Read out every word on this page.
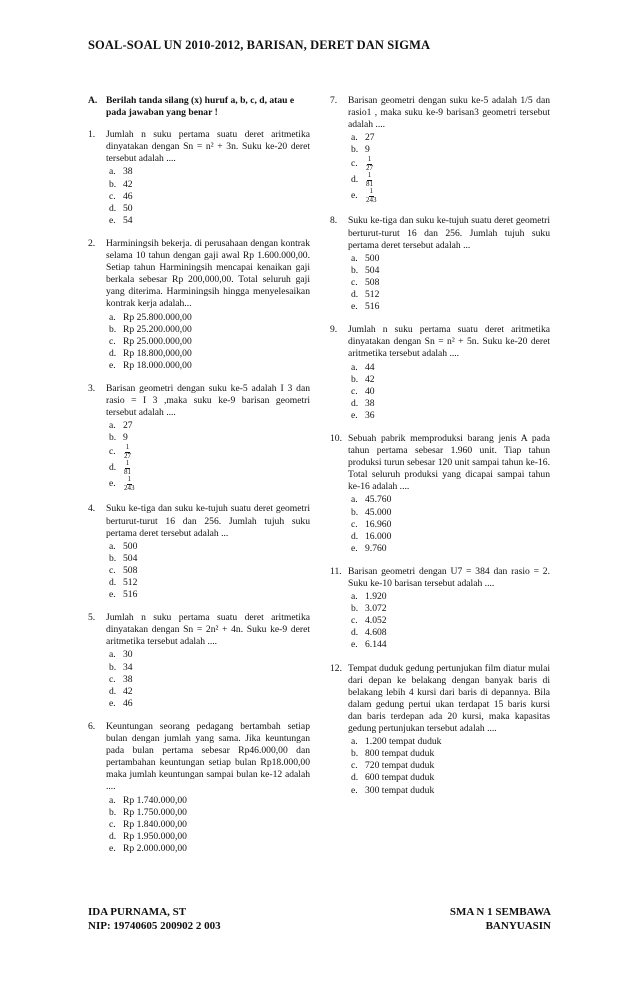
SOAL-SOAL UN 2010-2012, BARISAN, DERET DAN SIGMA
A. Berilah tanda silang (x) huruf a, b, c, d, atau e pada jawaban yang benar !
1.	Jumlah n suku pertama suatu deret aritmetika dinyatakan dengan Sn = n² + 3n. Suku ke-20 deret tersebut adalah ....
a. 38
b. 42
c. 46
d. 50
e. 54
2.	Harminingsih bekerja. di perusahaan dengan kontrak selama 10 tahun dengan gaji awal Rp 1.600.000,00. Setiap tahun Harminingsih mencapai kenaikan gaji berkala sebesar Rp 200,000,00. Total seluruh gaji yang diterima. Harminingsih hingga menyelesaikan kontrak kerja adalah...
a. Rp 25.800.000,00
b. Rp 25.200.000,00
c. Rp 25.000.000,00
d. Rp 18.800,000,00
e. Rp 18.000.000,00
3.	Barisan geometri dengan suku ke-5 adalah I 3 dan rasio = I 3 ,maka suku ke-9 barisan geometri tersebut adalah ....
a. 27
b. 9
c.	$\frac{1}{27}$
d. $\frac{1}{81}$
e.	$\frac{1}{243}$
4.	Suku ke-tiga dan suku ke-tujuh suatu deret geometri berturut-turut 16 dan 256. Jumlah tujuh suku pertama deret tersebut adalah ...
a. 500
b. 504
c. 508
d. 512
e. 516
5.	Jumlah n suku pertama suatu deret aritmetika dinyatakan dengan Sn = 2n² + 4n. Suku ke-9 deret aritmetika tersebut adalah ....
a. 30
b. 34
c. 38
d. 42
e. 46
6.	Keuntungan seorang pedagang bertambah setiap bulan dengan jumlah yang sama. Jika keuntungan pada bulan pertama sebesar Rp46.000,00 dan pertambahan keuntungan setiap bulan Rp18.000,00 maka jumlah keuntungan sampai bulan ke-12 adalah ....
a. Rp 1.740.000,00
b. Rp 1.750.000,00
c. Rp 1.840.000,00
d. Rp 1.950.000,00
e. Rp 2.000.000,00
7.	Barisan geometri dengan suku ke-5 adalah 1/5 dan rasio1 , maka suku ke-9 barisan3 geometri tersebut adalah ....
a. 27
b. 9
c.	$\frac{1}{27}$
d. $\frac{1}{81}$
e.	$\frac{1}{243}$
8.	Suku ke-tiga dan suku ke-tujuh suatu deret geometri berturut-turut 16 dan 256. Jumlah tujuh suku pertama deret tersebut adalah ...
a. 500
b. 504
c. 508
d. 512
e. 516
9.	Jumlah n suku pertama suatu deret aritmetika dinyatakan dengan Sn = n² + 5n. Suku ke-20 deret aritmetika tersebut adalah ....
a. 44
b. 42
c. 40
d. 38
e. 36
10. Sebuah pabrik memproduksi barang jenis A pada tahun pertama sebesar 1.960 unit. Tiap tahun produksi turun sebesar 120 unit sampai tahun ke-16. Total seluruh produksi yang dicapai sampai tahun ke-16 adalah ....
a. 45.760
b. 45.000
c. 16.960
d. 16.000
e. 9.760
11. Barisan geometri dengan U7 = 384 dan rasio = 2. Suku ke-10 barisan tersebut adalah ....
a. 1.920
b. 3.072
c. 4.052
d. 4.608
e. 6.144
12. Tempat duduk gedung pertunjukan film diatur mulai dari depan ke belakang dengan banyak baris di belakang lebih 4 kursi dari baris di depannya. Bila dalam gedung pertui ukan terdapat 15 baris kursi dan baris terdepan ada 20 kursi, maka kapasitas gedung pertunjukan tersebut adalah ....
a. 1.200 tempat duduk
b. 800 tempat duduk
c. 720 tempat duduk
d. 600 tempat duduk
e. 300 tempat duduk
IDA PURNAMA, ST
NIP: 19740605 200902 2 003
SMA N 1 SEMBAWA
BANYUASIN
